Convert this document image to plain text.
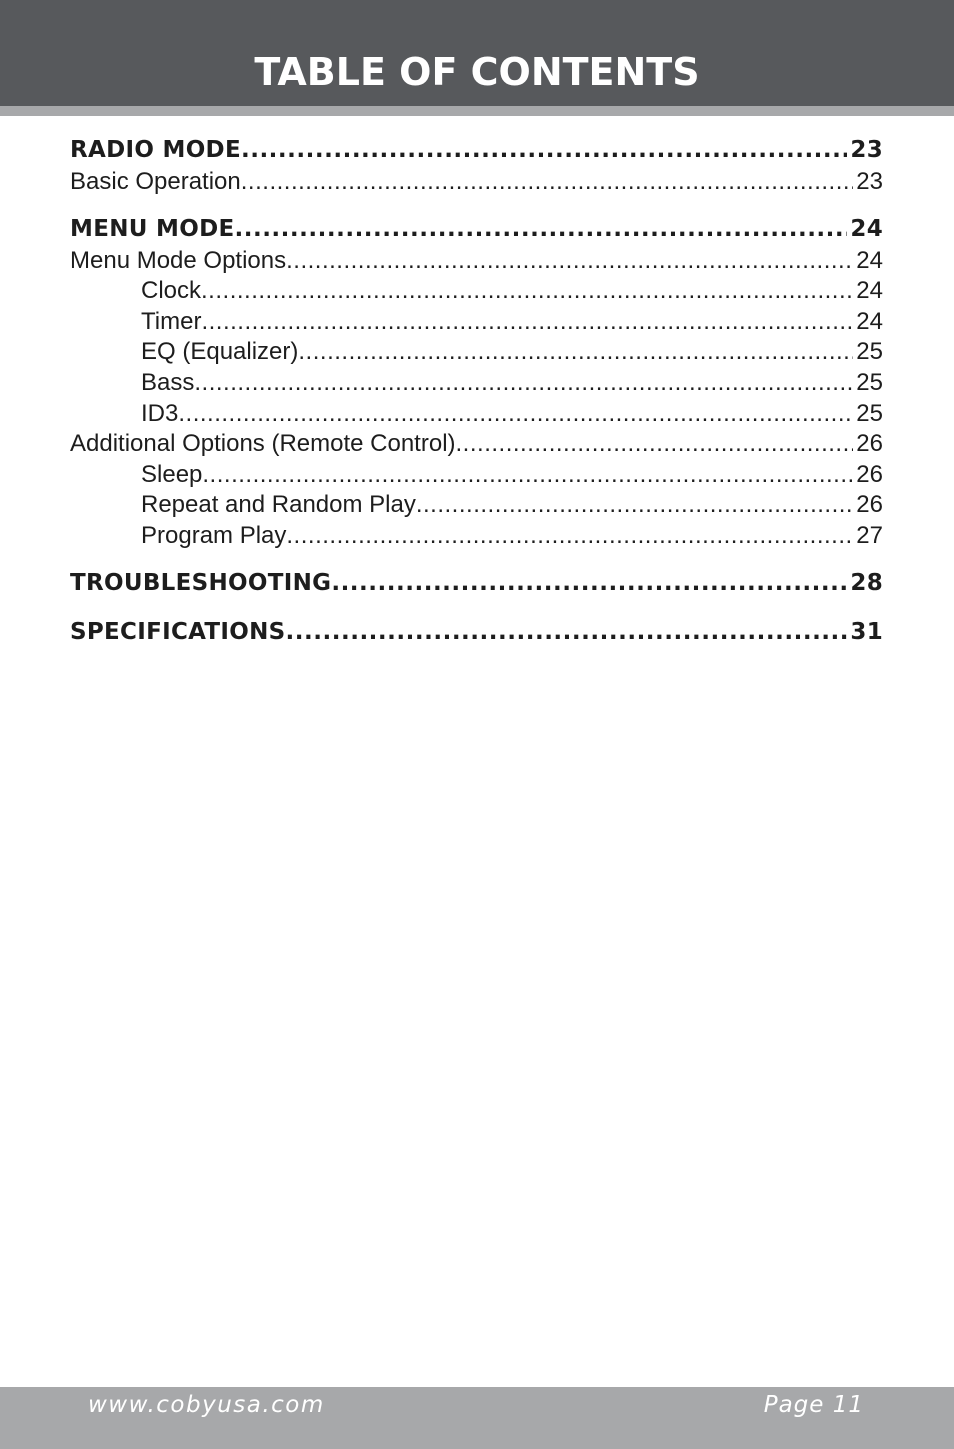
TABLE OF CONTENTS
RADIO MODE .....	23
Basic Operation .....	23
MENU MODE .....	24
Menu Mode Options .....	24
Clock .....	24
Timer .....	24
EQ (Equalizer) .....	25
Bass .....	25
ID3 .....	25
Additional Options (Remote Control) .....	26
Sleep .....	26
Repeat and Random Play .....	26
Program Play .....	27
TROUBLESHOOTING .....	28
SPECIFICATIONS .....	31
www.cobyusa.com	Page 11
